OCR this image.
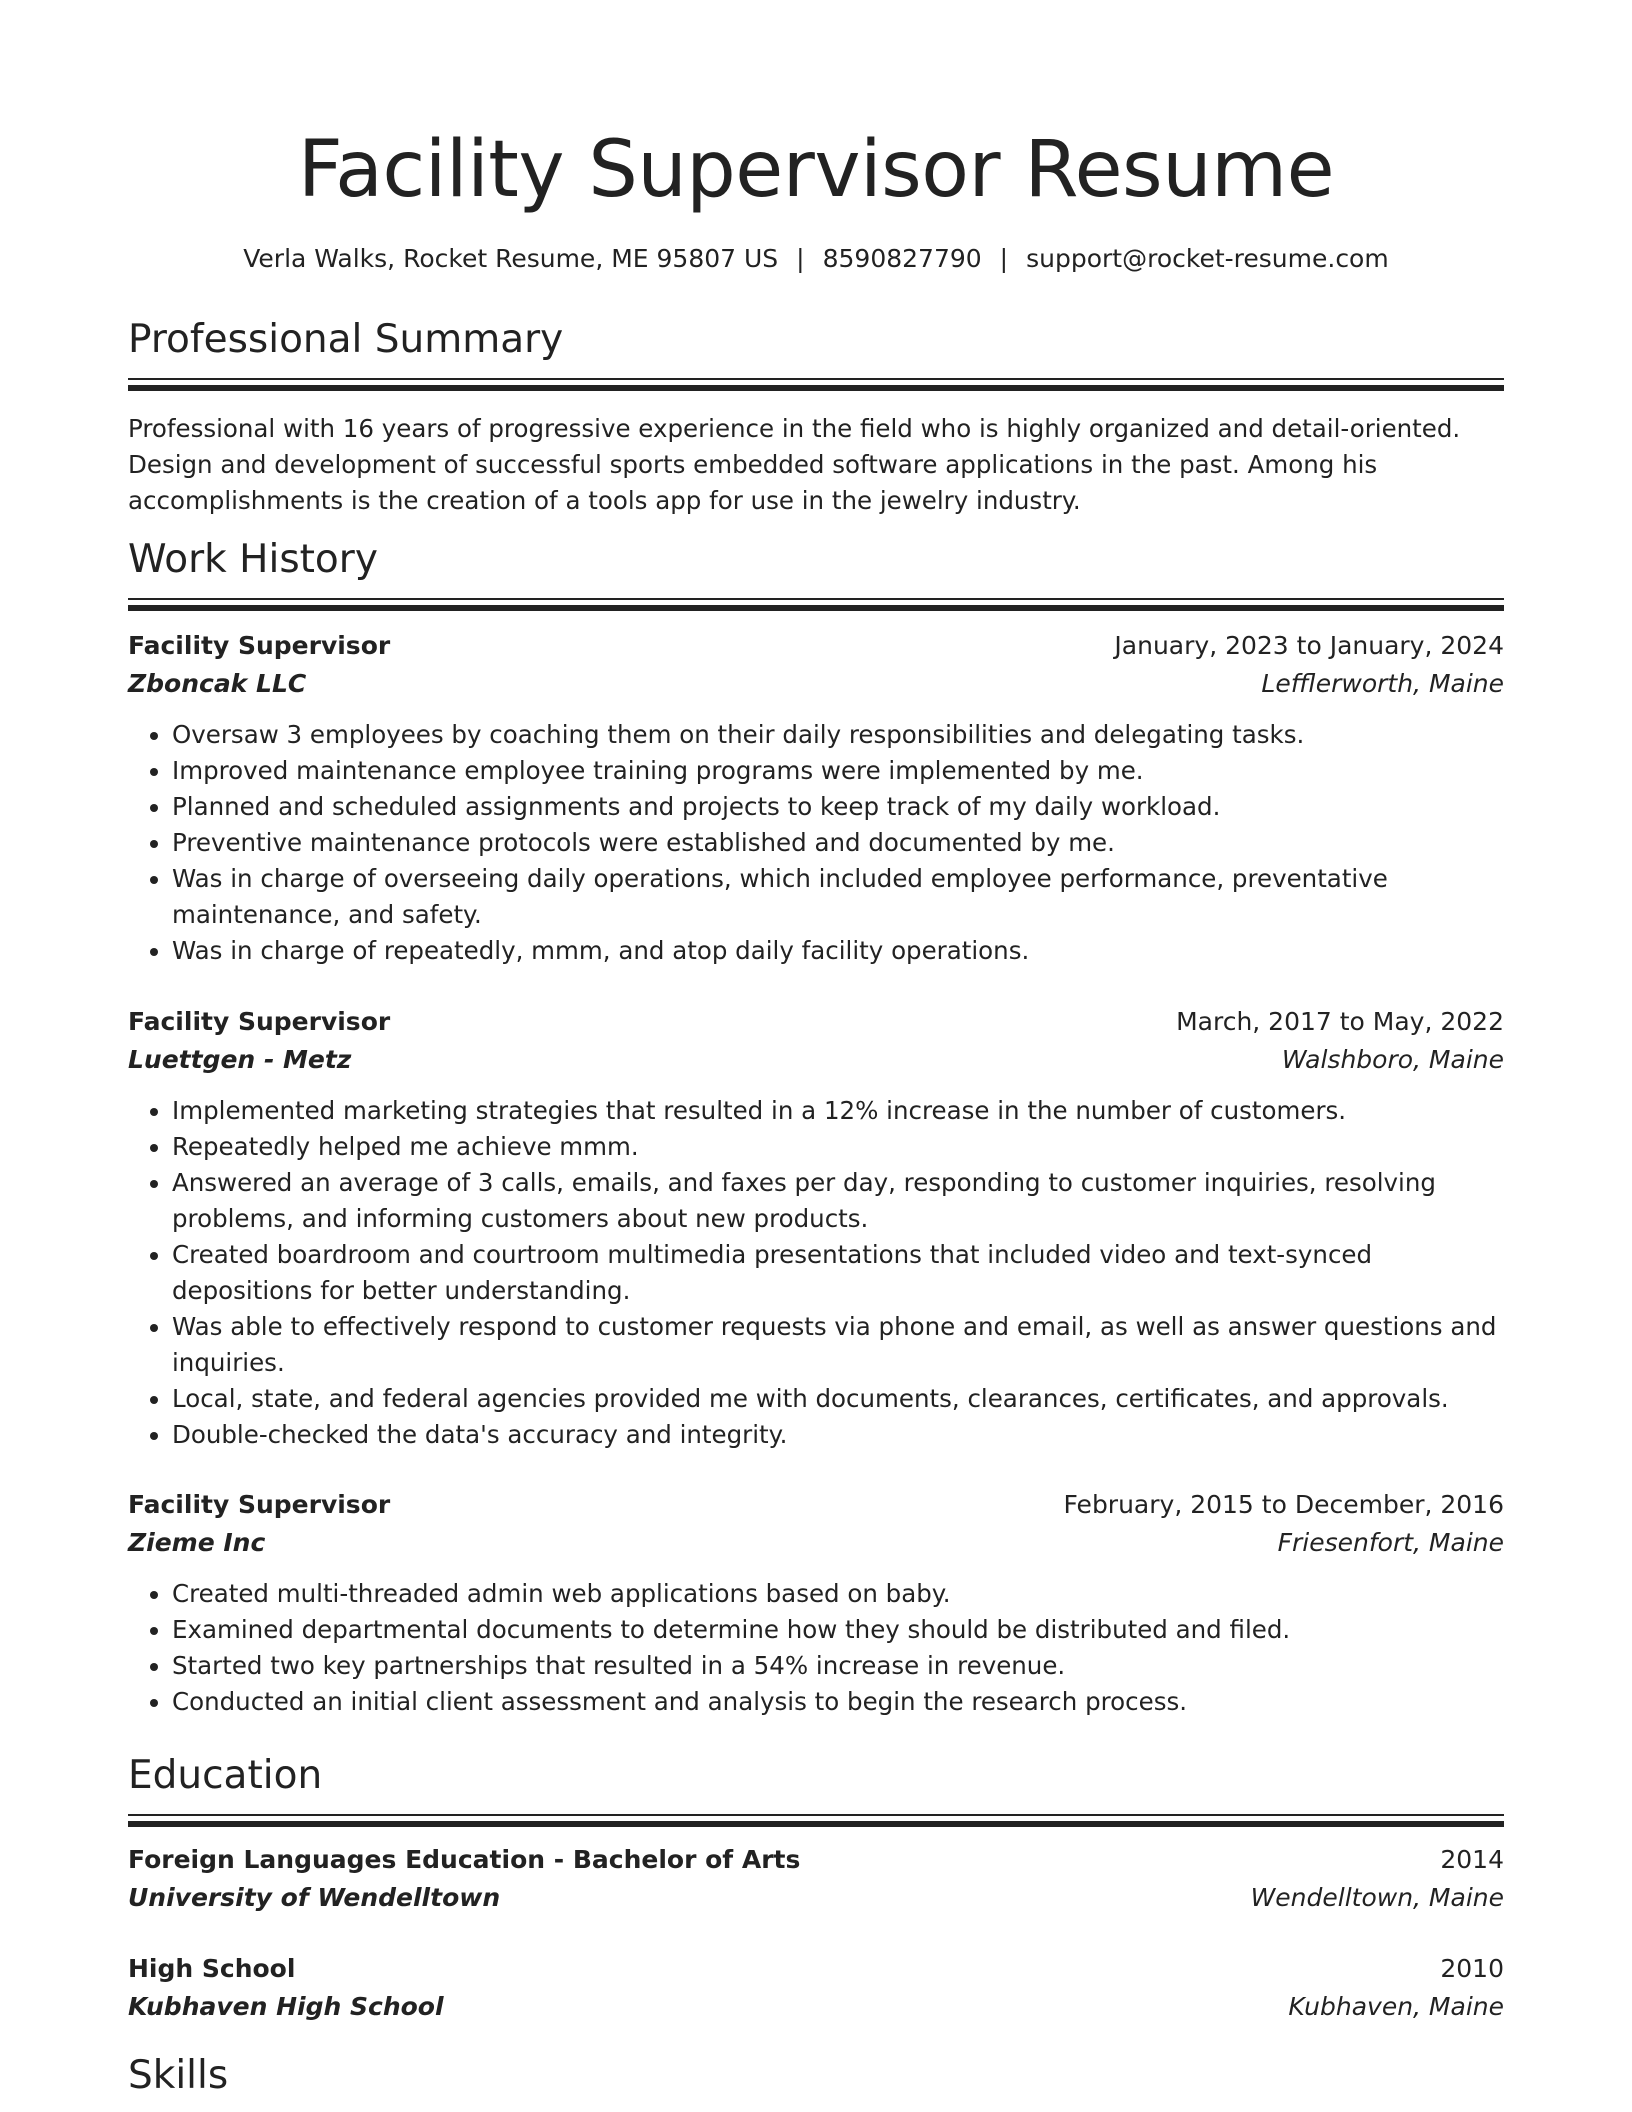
Facility Supervisor Resume
Verla Walks, Rocket Resume, ME 95807 US | 8590827790 | support@rocket-resume.com
Professional Summary

Professional with 16 years of progressive experience in the field who is highly organized and detail-oriented. Design and development of successful sports embedded software applications in the past. Among his accomplishments is the creation of a tools app for use in the jewelry industry.

Work History
Facility Supervisor	January, 2023 to January, 2024
Zboncak LLC	Lefflerworth, Maine
• Oversaw 3 employees by coaching them on their daily responsibilities and delegating tasks.
• Improved maintenance employee training programs were implemented by me.
• Planned and scheduled assignments and projects to keep track of my daily workload.
• Preventive maintenance protocols were established and documented by me.
• Was in charge of overseeing daily operations, which included employee performance, preventative maintenance, and safety.
• Was in charge of repeatedly, mmm, and atop daily facility operations.
Facility Supervisor	March, 2017 to May, 2022
Luettgen - Metz	Walshboro, Maine
• Implemented marketing strategies that resulted in a 12% increase in the number of customers.
• Repeatedly helped me achieve mmm.
• Answered an average of 3 calls, emails, and faxes per day, responding to customer inquiries, resolving problems, and informing customers about new products.
• Created boardroom and courtroom multimedia presentations that included video and text-synced depositions for better understanding.
• Was able to effectively respond to customer requests via phone and email, as well as answer questions and inquiries.
• Local, state, and federal agencies provided me with documents, clearances, certificates, and approvals.
• Double-checked the data's accuracy and integrity.
Facility Supervisor	February, 2015 to December, 2016
Zieme Inc	Friesenfort, Maine
• Created multi-threaded admin web applications based on baby.
• Examined departmental documents to determine how they should be distributed and filed.
• Started two key partnerships that resulted in a 54% increase in revenue.
• Conducted an initial client assessment and analysis to begin the research process.
Education
Foreign Languages Education - Bachelor of Arts	2014
University of Wendelltown	Wendelltown, Maine
High School	2010
Kubhaven High School	Kubhaven, Maine
Skills
